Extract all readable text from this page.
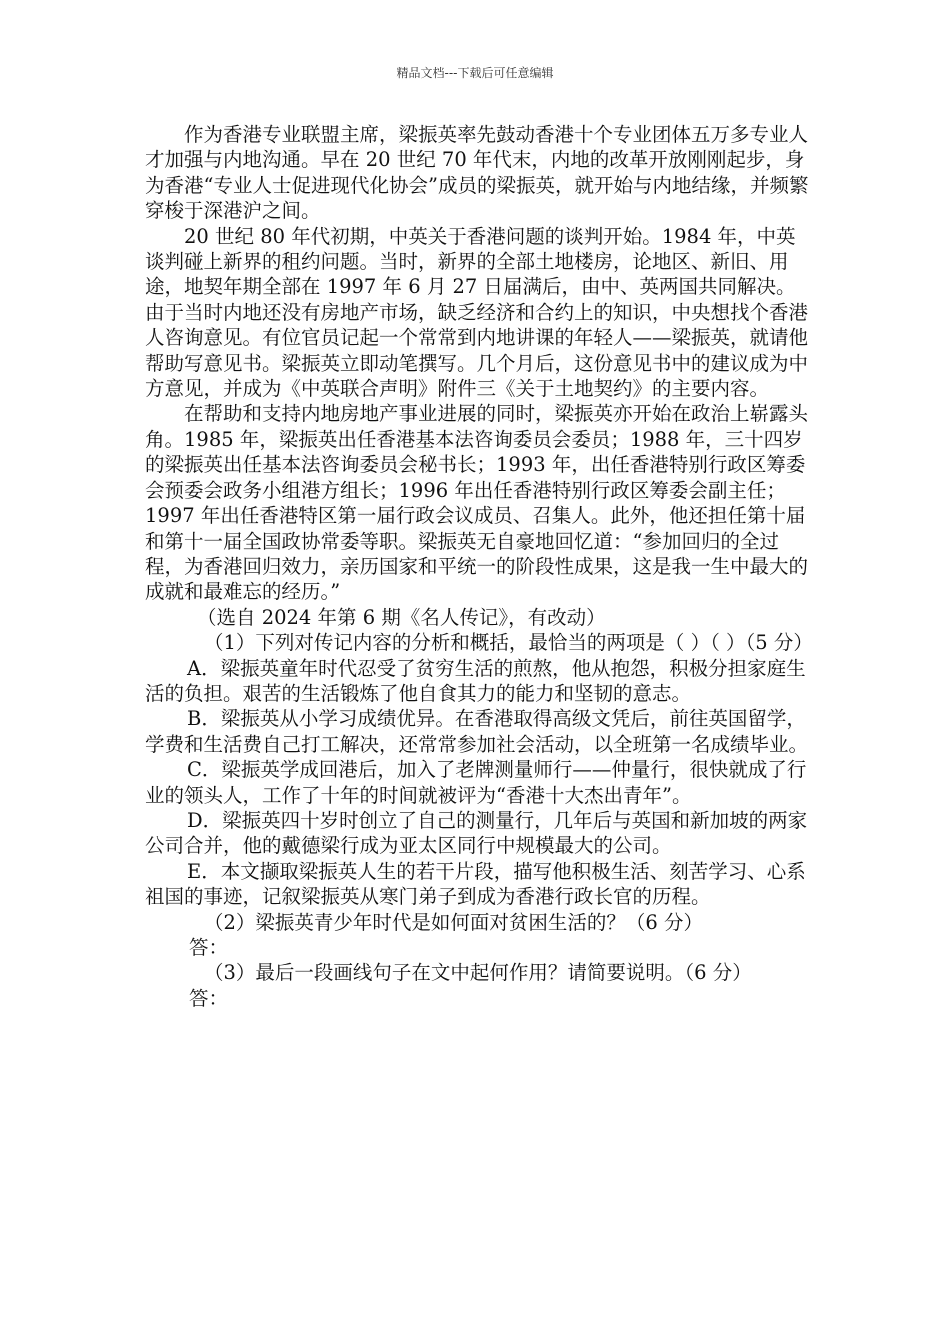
精品文档---下载后可任意编辑

作为香港专业联盟主席，梁振英率先鼓动香港十个专业团体五万多专业人才加强与内地沟通。早在 20 世纪 70 年代末，内地的改革开放刚刚起步，身为香港“专业人士促进现代化协会”成员的梁振英，就开始与内地结缘，并频繁穿梭于深港沪之间。

20 世纪 80 年代初期，中英关于香港问题的谈判开始。1984 年，中英谈判碰上新界的租约问题。当时，新界的全部土地楼房，论地区、新旧、用途，地契年期全部在 1997 年 6 月 27 日届满后，由中、英两国共同解决。由于当时内地还没有房地产市场，缺乏经济和合约上的知识，中央想找个香港人咨询意见。有位官员记起一个常常到内地讲课的年轻人——梁振英，就请他帮助写意见书。梁振英立即动笔撰写。几个月后，这份意见书中的建议成为中方意见，并成为《中英联合声明》附件三《关于土地契约》的主要内容。

在帮助和支持内地房地产事业进展的同时，梁振英亦开始在政治上崭露头角。1985 年，梁振英出任香港基本法咨询委员会委员；1988 年，三十四岁的梁振英出任基本法咨询委员会秘书长；1993 年，出任香港特别行政区筹委会预委会政务小组港方组长；1996 年出任香港特别行政区筹委会副主任；1997 年出任香港特区第一届行政会议成员、召集人。此外，他还担任第十届和第十一届全国政协常委等职。梁振英无自豪地回忆道：“参加回归的全过程，为香港回归效力，亲历国家和平统一的阶段性成果，这是我一生中最大的成就和最难忘的经历。”

（选自 2024 年第 6 期《名人传记》，有改动）

（1）下列对传记内容的分析和概括，最恰当的两项是（ ）（ ）（5 分）

A．梁振英童年时代忍受了贫穷生活的煎熬，他从抱怨，积极分担家庭生活的负担。艰苦的生活锻炼了他自食其力的能力和坚韧的意志。

B．梁振英从小学习成绩优异。在香港取得高级文凭后，前往英国留学，学费和生活费自己打工解决，还常常参加社会活动，以全班第一名成绩毕业。

C．梁振英学成回港后，加入了老牌测量师行——仲量行，很快就成了行业的领头人，工作了十年的时间就被评为“香港十大杰出青年”。

D．梁振英四十岁时创立了自己的测量行，几年后与英国和新加坡的两家公司合并，他的戴德梁行成为亚太区同行中规模最大的公司。

E．本文撷取梁振英人生的若干片段，描写他积极生活、刻苦学习、心系祖国的事迹，记叙梁振英从寒门弟子到成为香港行政长官的历程。

（2）梁振英青少年时代是如何面对贫困生活的？（6 分）

答：

（3）最后一段画线句子在文中起何作用？请简要说明。（6 分）

答：
